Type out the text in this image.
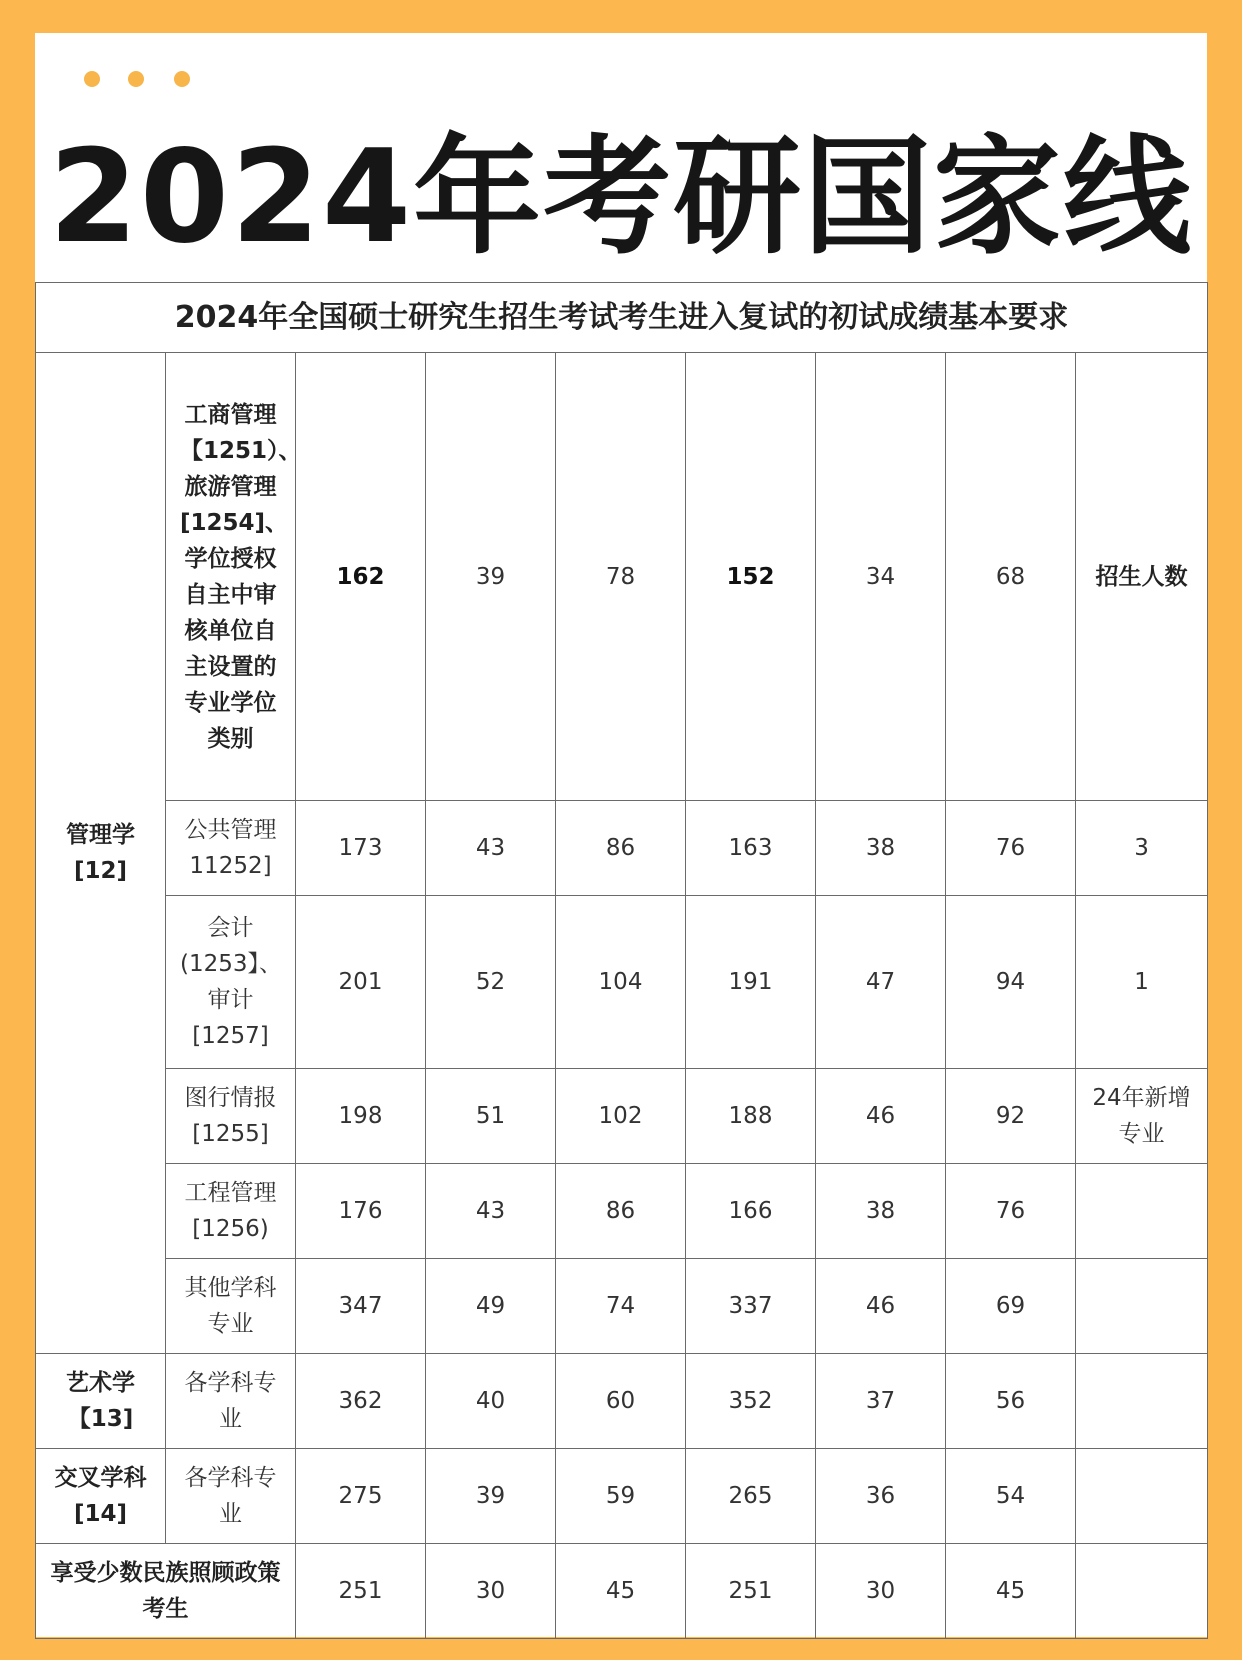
2024年考研国家线
2024年全国硕士研究生招生考试考生进入复试的初试成绩基本要求								
管理学[12]	工商管理【1251）、旅游管理[1254]、 学位授权自主中审核单位自主设置的专业学位类别	162	39	78	152	34	68	招生人数
	公共管理11252]	173	43	86	163	38	76	3
	会计(1253】、审计[1257]	201	52	104	191	47	94	1
	图行情报[1255]	198	51	102	188	46	92	24年新增专业
	工程管理[1256)	176	43	86	166	38	76	
	其他学科专业	347	49	74	337	46	69	
艺术学【13]	各学科专业	362	40	60	352	37	56	
交叉学科[14]	各学科专业	275	39	59	265	36	54	
享受少数民族照顾政策考生		251	30	45	251	30	45	
